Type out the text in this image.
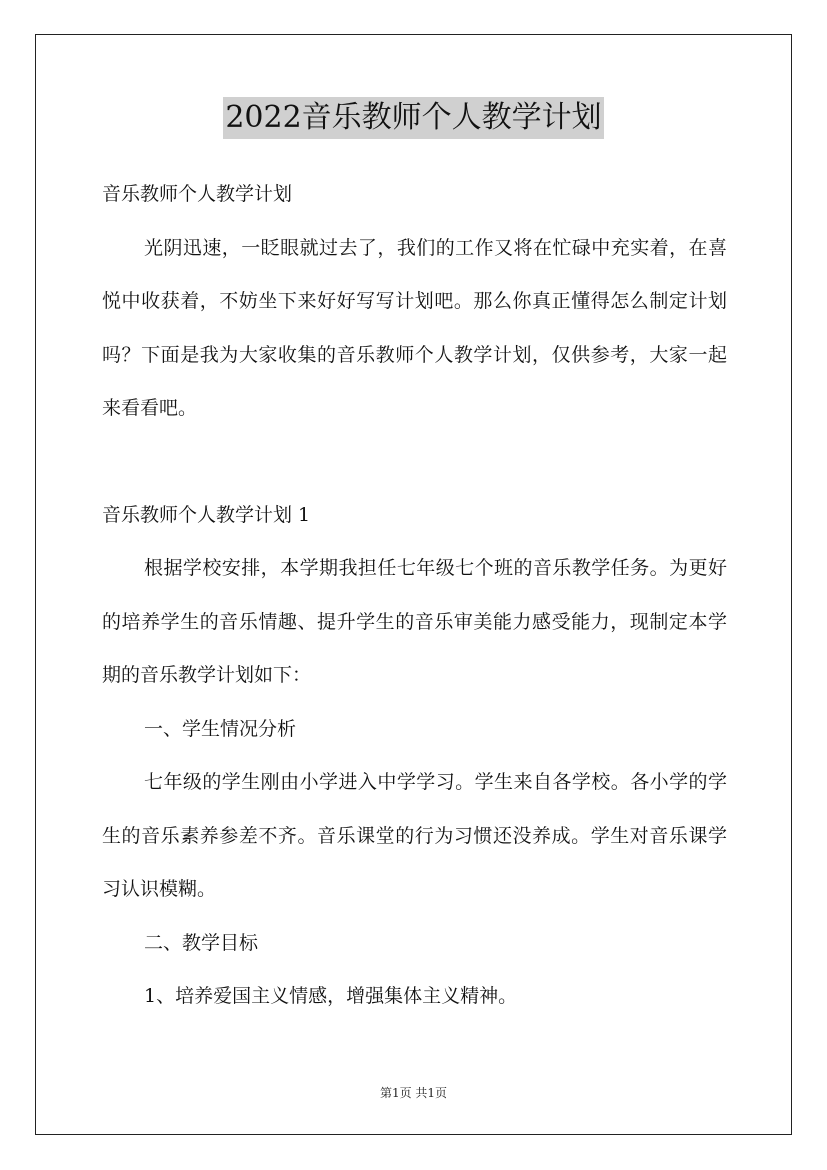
2022音乐教师个人教学计划

音乐教师个人教学计划

光阴迅速，一眨眼就过去了，我们的工作又将在忙碌中充实着，在喜悦中收获着，不妨坐下来好好写写计划吧。那么你真正懂得怎么制定计划吗？下面是我为大家收集的音乐教师个人教学计划，仅供参考，大家一起来看看吧。

音乐教师个人教学计划 1

根据学校安排，本学期我担任七年级七个班的音乐教学任务。为更好的培养学生的音乐情趣、提升学生的音乐审美能力感受能力，现制定本学期的音乐教学计划如下：

一、学生情况分析

七年级的学生刚由小学进入中学学习。学生来自各学校。各小学的学生的音乐素养参差不齐。音乐课堂的行为习惯还没养成。学生对音乐课学习认识模糊。

二、教学目标

1、培养爱国主义情感，增强集体主义精神。

第1页 共1页
